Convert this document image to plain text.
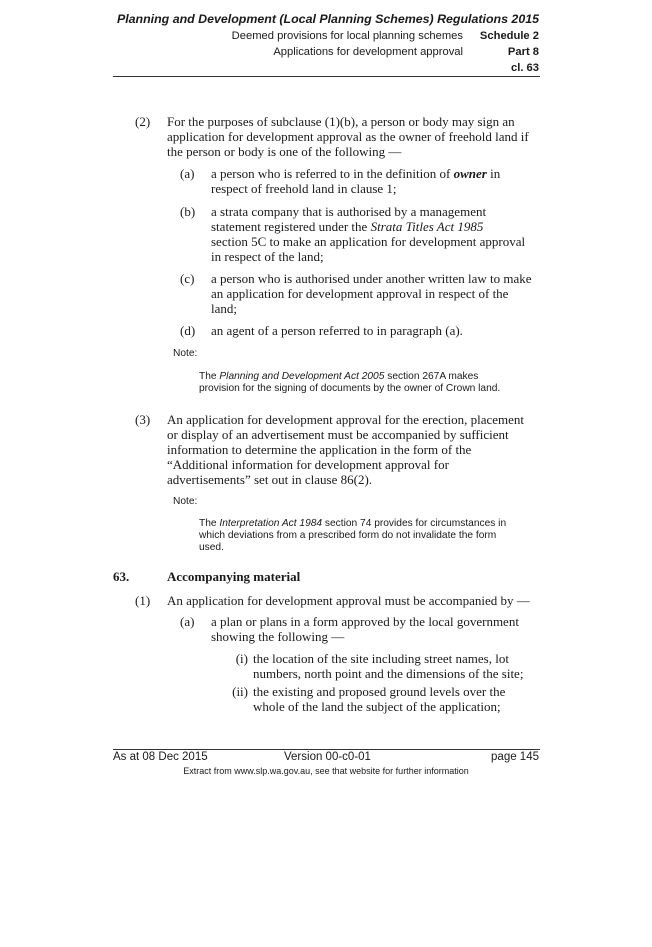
Planning and Development (Local Planning Schemes) Regulations 2015
Deemed provisions for local planning schemes Schedule 2
Applications for development approval	Part 8
cl. 63
(2) For the purposes of subclause (1)(b), a person or body may sign an
application for development approval as the owner of freehold land if
the person or body is one of the following —
(a) a person who is referred to in the definition of owner in
respect of freehold land in clause 1;
(b) a strata company that is authorised by a management
statement registered under the Strata Titles Act 1985
section 5C to make an application for development approval
in respect of the land;
(c) a person who is authorised under another written law to make
an application for development approval in respect of the
land;
(d) an agent of a person referred to in paragraph (a).
Note:
The Planning and Development Act 2005 section 267A makes
provision for the signing of documents by the owner of Crown land.
(3) An application for development approval for the erection, placement
or display of an advertisement must be accompanied by sufficient
information to determine the application in the form of the
“Additional information for development approval for
advertisements” set out in clause 86(2).
Note:
The Interpretation Act 1984 section 74 provides for circumstances in
which deviations from a prescribed form do not invalidate the form
used.
63.	Accompanying material
(1) An application for development approval must be accompanied by —
(a) a plan or plans in a form approved by the local government
showing the following —
(i) the location of the site including street names, lot
numbers, north point and the dimensions of the site;
(ii) the existing and proposed ground levels over the
whole of the land the subject of the application;
As at 08 Dec 2015	Version 00-c0-01	page 145
Extract from www.slp.wa.gov.au, see that website for further information
